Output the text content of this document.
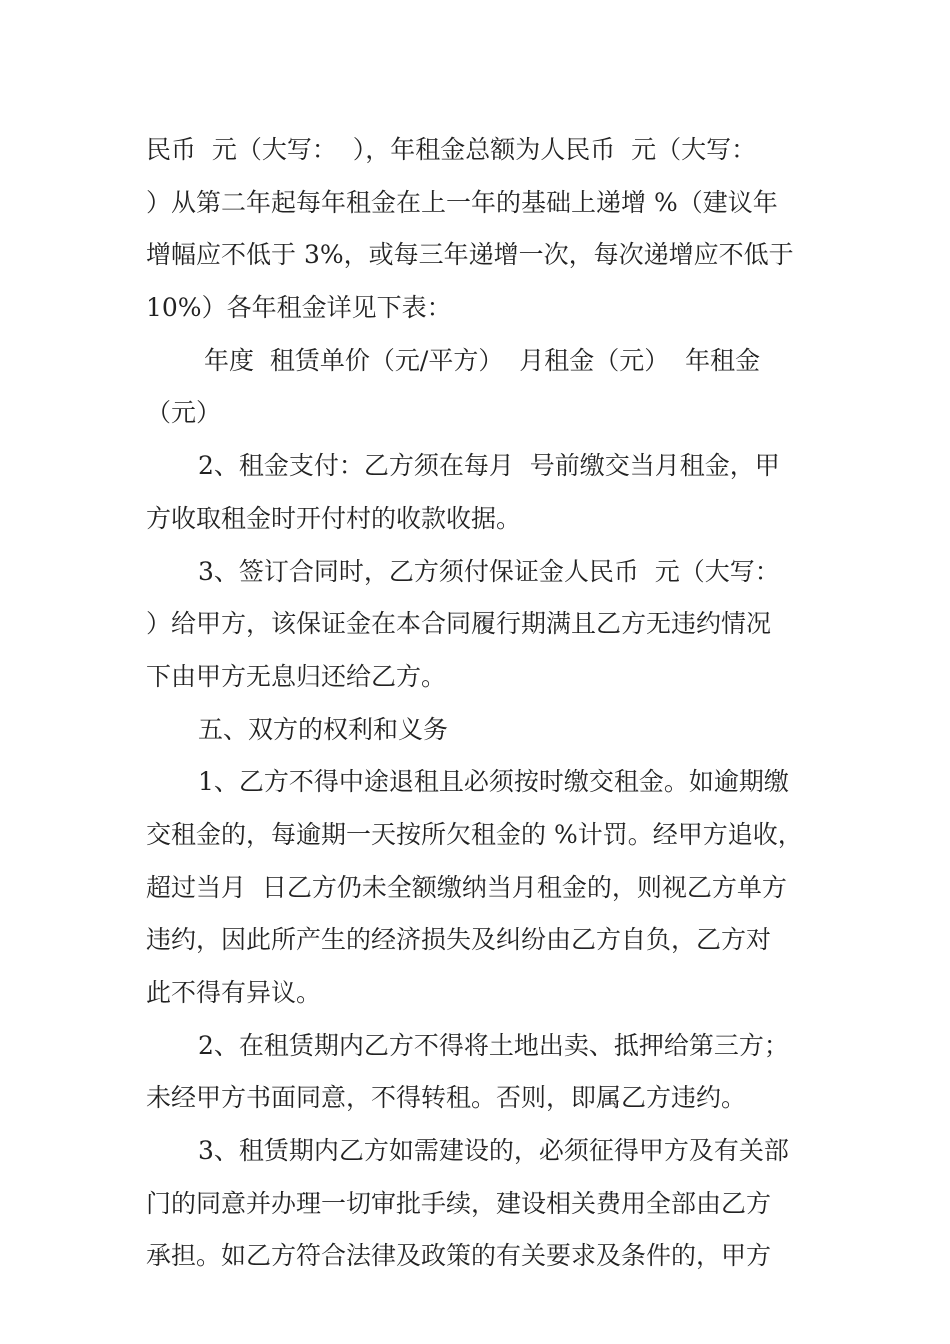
民币  元（大写：  ），年租金总额为人民币  元（大写：
）从第二年起每年租金在上一年的基础上递增 %（建议年
增幅应不低于 3%，或每三年递增一次，每次递增应不低于
10%）各年租金详见下表：
年度  租赁单价（元/平方）  月租金（元）  年租金
（元）
2、租金支付：乙方须在每月  号前缴交当月租金，甲
方收取租金时开付村的收款收据。
3、签订合同时，乙方须付保证金人民币  元（大写：
）给甲方，该保证金在本合同履行期满且乙方无违约情况
下由甲方无息归还给乙方。
五、双方的权利和义务
1、乙方不得中途退租且必须按时缴交租金。如逾期缴
交租金的，每逾期一天按所欠租金的 %计罚。经甲方追收，
超过当月  日乙方仍未全额缴纳当月租金的，则视乙方单方
违约，因此所产生的经济损失及纠纷由乙方自负，乙方对
此不得有异议。
2、在租赁期内乙方不得将土地出卖、抵押给第三方；
未经甲方书面同意，不得转租。否则，即属乙方违约。
3、租赁期内乙方如需建设的，必须征得甲方及有关部
门的同意并办理一切审批手续，建设相关费用全部由乙方
承担。如乙方符合法律及政策的有关要求及条件的，甲方
